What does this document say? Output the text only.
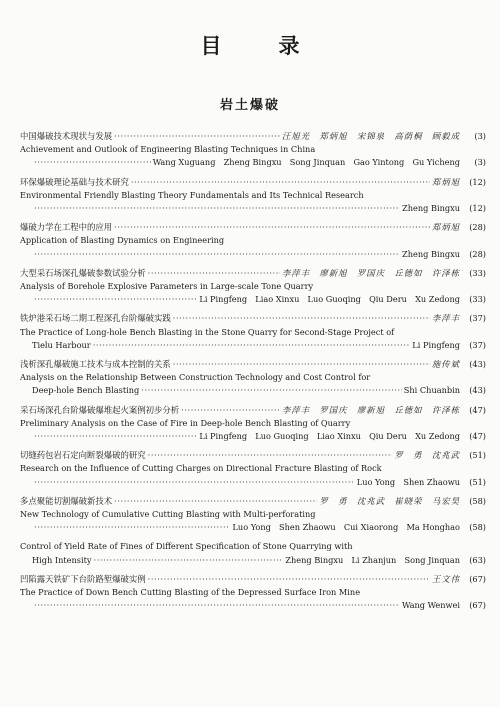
目　录
岩土爆破
中国爆破技术现状与发展 ·····	汪旭光　郑炳旭　宋锦泉　高荫桐　顾毅成	(3)
Achievement and Outlook of Engineering Blasting Techniques in China
·····
Wang Xuguang　Zheng Bingxu　Song Jinquan　Gao Yintong　Gu Yicheng	(3)
环保爆破理论基础与技术研究 ·····	郑炳旭	(12)
Environmental Friendly Blasting Theory Fundamentals and Its Technical Research
·····
Zheng Bingxu	(12)
爆破力学在工程中的应用 ·····	郑炳旭	(28)
Application of Blasting Dynamics on Engineering
·····
Zheng Bingxu	(28)
大型采石场深孔爆破参数试验分析 ·····	李萍丰　廖新旭　罗国庆　丘德如　许泽栋	(33)
Analysis of Borehole Explosive Parameters in Large-scale Tone Quarry
·····
Li Pingfeng　Liao Xinxu　Luo Guoqing　Qiu Deru　Xu Zedong	(33)
铁炉港采石场二期工程深孔台阶爆破实践 ·····	李萍丰	(37)
The Practice of Long-hole Bench Blasting in the Stone Quarry for Second-Stage Project of
Tielu Harbour ·····	Li Pingfeng	(37)
浅析深孔爆破施工技术与成本控制的关系 ·····	施传斌	(43)
Analysis on the Relationship Between Construction Technology and Cost Control for
Deep-hole Bench Blasting ·····	Shi Chuanbin	(43)
采石场深孔台阶爆破爆堆起火案例初步分析 ·····	李萍丰　罗国庆　廖新旭　丘德如　许泽栋	(47)
Preliminary Analysis on the Case of Fire in Deep-hole Bench Blasting of Quarry
·····
Li Pingfeng　Luo Guoqing　Liao Xinxu　Qiu Deru　Xu Zedong	(47)
切缝药包岩石定向断裂爆破的研究 ·····	罗　勇　沈兆武	(51)
Research on the Influence of Cutting Charges on Directional Fracture Blasting of Rock
·····
Luo Yong　Shen Zhaowu	(51)
多点聚能切割爆破新技术 ·····	罗　勇　沈兆武　崔晓荣　马宏昊	(58)
New Technology of Cumulative Cutting Blasting with Multi-perforating
·····
Luo Yong　Shen Zhaowu　Cui Xiaorong　Ma Honghao	(58)
Control of Yield Rate of Fines of Different Specification of Stone Quarrying with
High Intensity ·····	Zheng Bingxu　Li Zhanjun　Song Jinquan	(63)
凹陷露天铁矿下台阶路堑爆破实例 ·····	王文伟	(67)
The Practice of Down Bench Cutting Blasting of the Depressed Surface Iron Mine
·····
Wang Wenwei	(67)
